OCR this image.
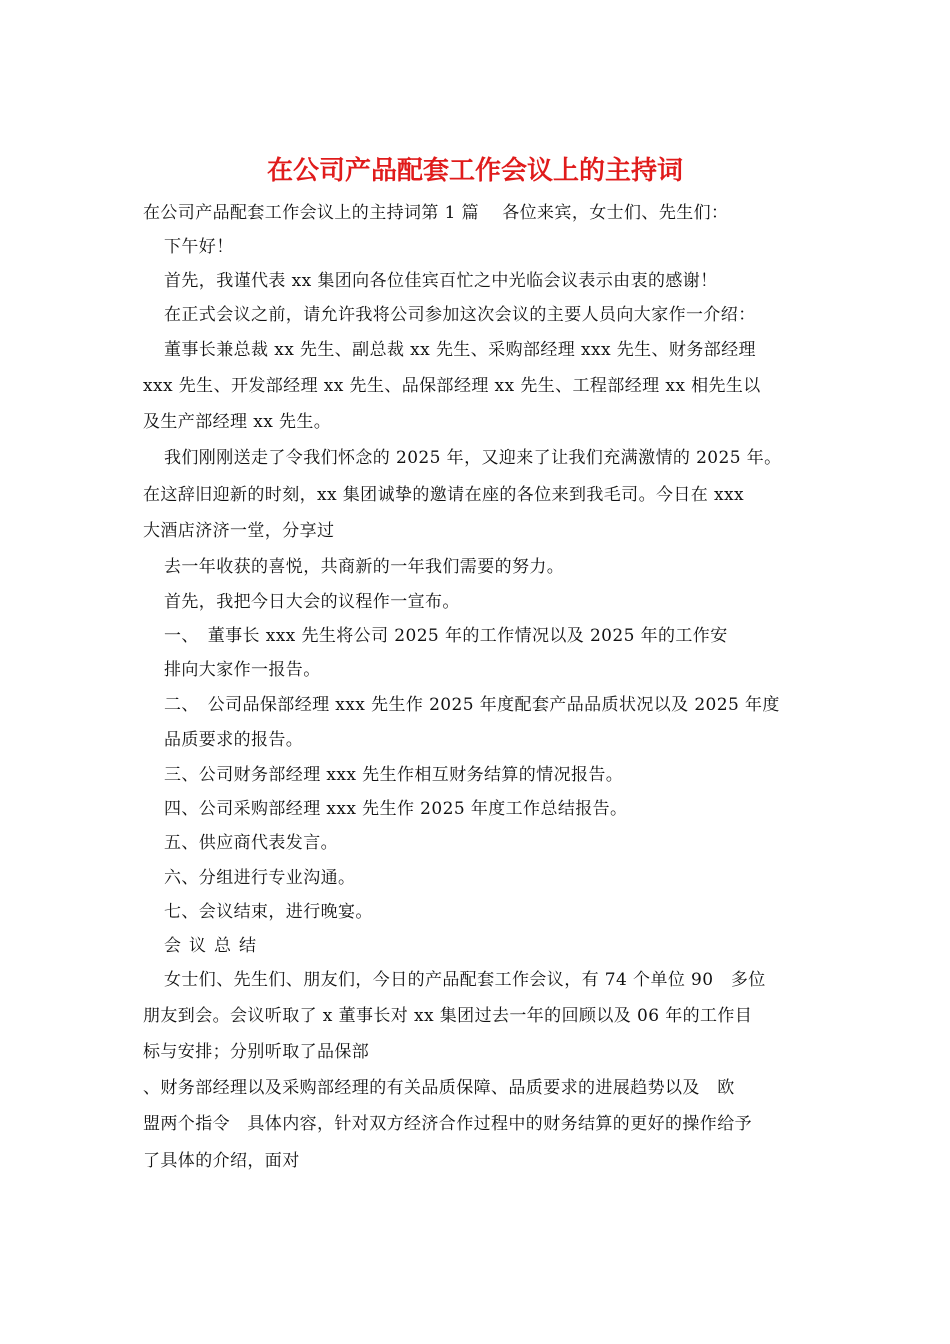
在公司产品配套工作会议上的主持词
在公司产品配套工作会议上的主持词第 1 篇　 各位来宾，女士们、先生们：
下午好！
首先，我谨代表 xx 集团向各位佳宾百忙之中光临会议表示由衷的感谢！
在正式会议之前，请允许我将公司参加这次会议的主要人员向大家作一介绍：
董事长兼总裁 xx 先生、副总裁 xx 先生、采购部经理 xxx 先生、财务部经理
xxx 先生、开发部经理 xx 先生、品保部经理 xx 先生、工程部经理 xx 相先生以
及生产部经理 xx 先生。
我们刚刚送走了令我们怀念的 2025 年，又迎来了让我们充满激情的 2025 年。
在这辞旧迎新的时刻，xx 集团诚挚的邀请在座的各位来到我毛司。今日在 xxx
大酒店济济一堂，分享过
去一年收获的喜悦，共商新的一年我们需要的努力。
首先，我把今日大会的议程作一宣布。
一、　董事长 xxx 先生将公司 2025 年的工作情况以及 2025 年的工作安
排向大家作一报告。
二、　公司品保部经理 xxx 先生作 2025 年度配套产品品质状况以及 2025 年度
品质要求的报告。
三、公司财务部经理 xxx 先生作相互财务结算的情况报告。
四、公司采购部经理 xxx 先生作 2025 年度工作总结报告。
五、供应商代表发言。
六、分组进行专业沟通。
七、会议结束，进行晚宴。
会议总结
女士们、先生们、朋友们，今日的产品配套工作会议，有 74 个单位 90　多位
朋友到会。会议听取了 x 董事长对 xx 集团过去一年的回顾以及 06 年的工作目
标与安排；分别听取了品保部
、财务部经理以及采购部经理的有关品质保障、品质要求的进展趋势以及　欧
盟两个指令　具体内容，针对双方经济合作过程中的财务结算的更好的操作给予
了具体的介绍，面对
